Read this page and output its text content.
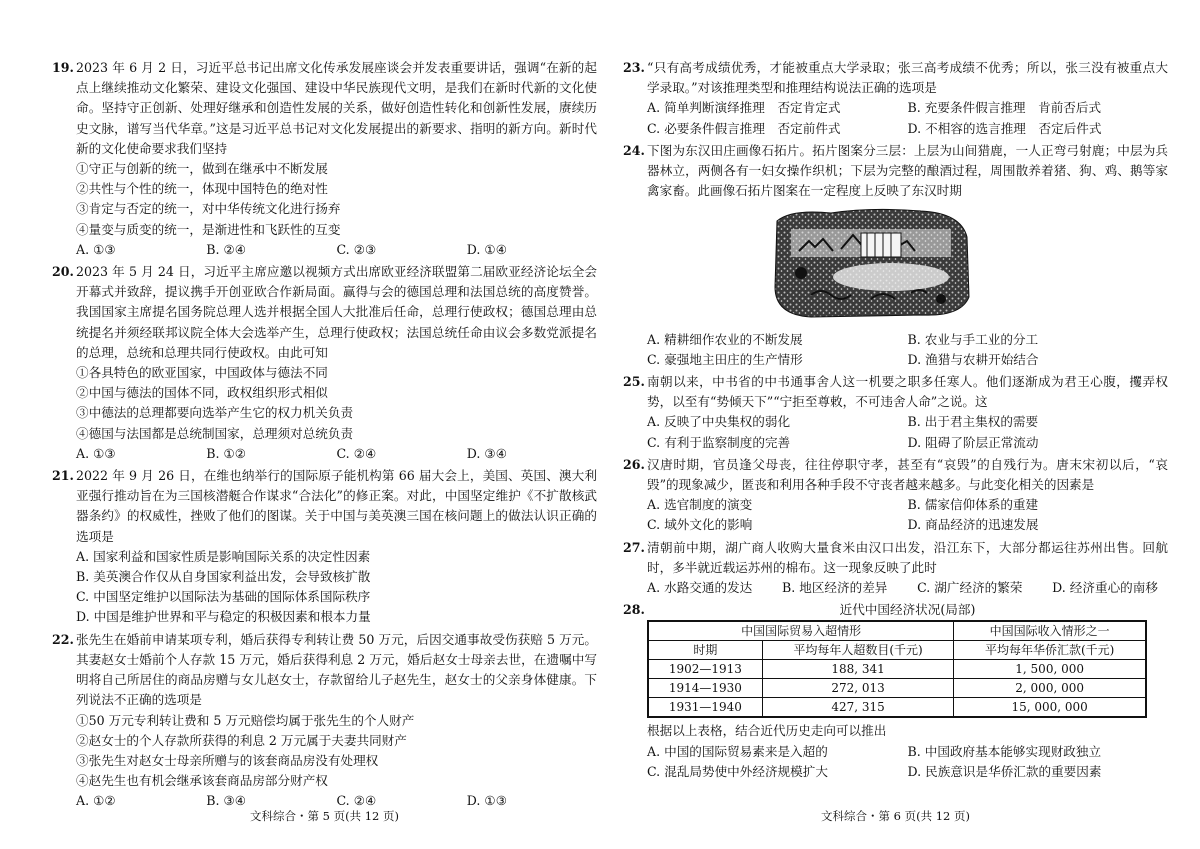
19. 2023 年 6 月 2 日，习近平总书记出席文化传承发展座谈会并发表重要讲话，强调“在新的起点上继续推动文化繁荣、建设文化强国、建设中华民族现代文明，是我们在新时代新的文化使命。坚持守正创新、处理好继承和创造性发展的关系，做好创造性转化和创新性发展，赓续历史文脉，谱写当代华章。”这是习近平总书记对文化发展提出的新要求、指明的新方向。新时代新的文化使命要求我们坚持
①守正与创新的统一，做到在继承中不断发展
②共性与个性的统一，体现中国特色的绝对性
③肯定与否定的统一，对中华传统文化进行扬弃
④量变与质变的统一，是渐进性和飞跃性的互变
A. ①③	B. ②④	C. ②③	D. ①④
20. 2023 年 5 月 24 日，习近平主席应邀以视频方式出席欧亚经济联盟第二届欧亚经济论坛全会开幕式并致辞，提议携手开创亚欧合作新局面。赢得与会的德国总理和法国总统的高度赞誉。我国国家主席提名国务院总理人选并根据全国人大批准后任命，总理行使政权；德国总理由总统提名并须经联邦议院全体大会选举产生，总理行使政权；法国总统任命由议会多数党派提名的总理，总统和总理共同行使政权。由此可知
①各具特色的欧亚国家，中国政体与德法不同
②中国与德法的国体不同，政权组织形式相似
③中德法的总理都要向选举产生它的权力机关负责
④德国与法国都是总统制国家，总理须对总统负责
A. ①③	B. ①②	C. ②④	D. ③④
21. 2022 年 9 月 26 日，在维也纳举行的国际原子能机构第 66 届大会上，美国、英国、澳大利亚强行推动旨在为三国核潜艇合作谋求“合法化”的修正案。对此，中国坚定维护《不扩散核武器条约》的权威性，挫败了他们的图谋。关于中国与美英澳三国在核问题上的做法认识正确的选项是
A. 国家利益和国家性质是影响国际关系的决定性因素
B. 美英澳合作仅从自身国家利益出发，会导致核扩散
C. 中国坚定维护以国际法为基础的国际体系国际秩序
D. 中国是维护世界和平与稳定的积极因素和根本力量
22. 张先生在婚前申请某项专利，婚后获得专利转让费 50 万元，后因交通事故受伤获赔 5 万元。其妻赵女士婚前个人存款 15 万元，婚后获得利息 2 万元，婚后赵女士母亲去世，在遗嘱中写明将自己所居住的商品房赠与女儿赵女士，存款留给儿子赵先生，赵女士的父亲身体健康。下列说法不正确的选项是
①50 万元专利转让费和 5 万元赔偿均属于张先生的个人财产
②赵女士的个人存款所获得的利息 2 万元属于夫妻共同财产
③张先生对赵女士母亲所赠与的该套商品房没有处理权
④赵先生也有机会继承该套商品房部分财产权
A. ①②	B. ③④	C. ②④	D. ①③
23. “只有高考成绩优秀，才能被重点大学录取；张三高考成绩不优秀；所以，张三没有被重点大学录取。”对该推理类型和推理结构说法正确的选项是
A. 简单判断演绎推理　否定肯定式	B. 充要条件假言推理　肯前否后式
C. 必要条件假言推理　否定前件式	D. 不相容的选言推理　否定后件式
24. 下图为东汉田庄画像石拓片。拓片图案分三层：上层为山间猎鹿，一人正弯弓射鹿；中层为兵器林立，两侧各有一妇女操作织机；下层为完整的酿酒过程，周围散养着猪、狗、鸡、鹅等家禽家畜。此画像石拓片图案在一定程度上反映了东汉时期
A. 精耕细作农业的不断发展	B. 农业与手工业的分工
C. 豪强地主田庄的生产情形	D. 渔猎与农耕开始结合
25. 南朝以来，中书省的中书通事舍人这一机要之职多任寒人。他们逐渐成为君王心腹，攫弄权势，以至有“势倾天下”“宁拒至尊敕，不可违舍人命”之说。这
A. 反映了中央集权的弱化	B. 出于君主集权的需要
C. 有利于监察制度的完善	D. 阻碍了阶层正常流动
26. 汉唐时期，官员逢父母丧，往往停职守孝，甚至有“哀毁”的自残行为。唐末宋初以后，“哀毁”的现象减少，匿丧和利用各种手段不守丧者越来越多。与此变化相关的因素是
A. 选官制度的演变	B. 儒家信仰体系的重建
C. 域外文化的影响	D. 商品经济的迅速发展
27. 清朝前中期，湖广商人收购大量食米由汉口出发，沿江东下，大部分都运往苏州出售。回航时，多半就近载运苏州的棉布。这一现象反映了此时
A. 水路交通的发达 B. 地区经济的差异 C. 湖广经济的繁荣 D. 经济重心的南移
28.	近代中国经济状况(局部)
中国国际贸易入超情形		中国国际收入情形之一
时期	平均每年人超数目(千元)	平均每年华侨汇款(千元)
1902—1913	188, 341	1, 500, 000
1914—1930	272, 013	2, 000, 000
1931—1940	427, 315	15, 000, 000
根据以上表格，结合近代历史走向可以推出
A. 中国的国际贸易素来是入超的	B. 中国政府基本能够实现财政独立
C. 混乱局势使中外经济规模扩大	D. 民族意识是华侨汇款的重要因素
文科综合・第 5 页(共 12 页)	文科综合・第 6 页(共 12 页)
